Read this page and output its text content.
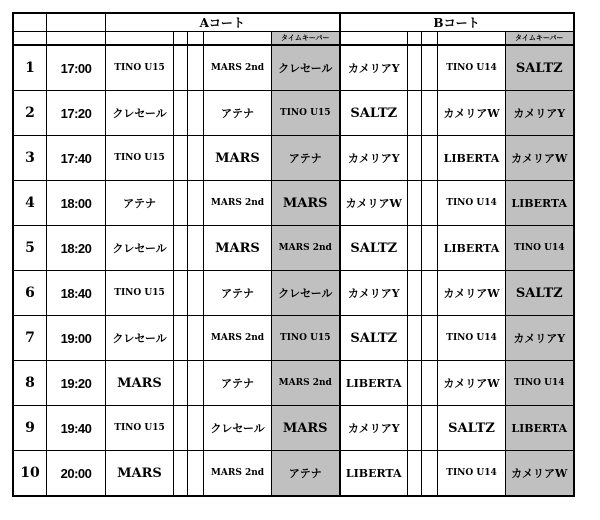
		Aコート					Bコート				
						タイムキーパー					タイムキーパー
1	17:00	TINO U15			MARS 2nd	クレセール	カメリアY			TINO U14	SALTZ
2	17:20	クレセール			アテナ	TINO U15	SALTZ			カメリアW	カメリアY
3	17:40	TINO U15			MARS	アテナ	カメリアY			LIBERTA	カメリアW
4	18:00	アテナ			MARS 2nd	MARS	カメリアW			TINO U14	LIBERTA
5	18:20	クレセール			MARS	MARS 2nd	SALTZ			LIBERTA	TINO U14
6	18:40	TINO U15			アテナ	クレセール	カメリアY			カメリアW	SALTZ
7	19:00	クレセール			MARS 2nd	TINO U15	SALTZ			TINO U14	カメリアY
8	19:20	MARS			アテナ	MARS 2nd	LIBERTA			カメリアW	TINO U14
9	19:40	TINO U15			クレセール	MARS	カメリアY			SALTZ	LIBERTA
10	20:00	MARS			MARS 2nd	アテナ	LIBERTA			TINO U14	カメリアW
